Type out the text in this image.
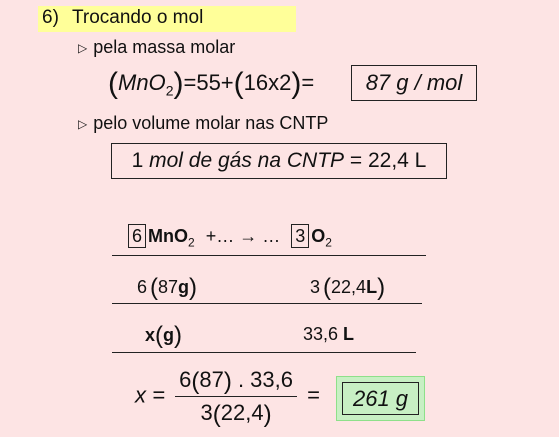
6) Trocando o mol
▷ pela massa molar
(MnO$_2$)=55+(16x2)= 87 g / mol
▷ pelo volume molar nas CNTP
1 mol de gás na CNTP = 22,4 L
6 MnO$_2$ +… → … 3 $O_2$
6 (87g)	3 (22,4L)
x(g)	33,6 L
$x = \frac{6(87) . 33,6}{3(22,4)} = 261$ g
